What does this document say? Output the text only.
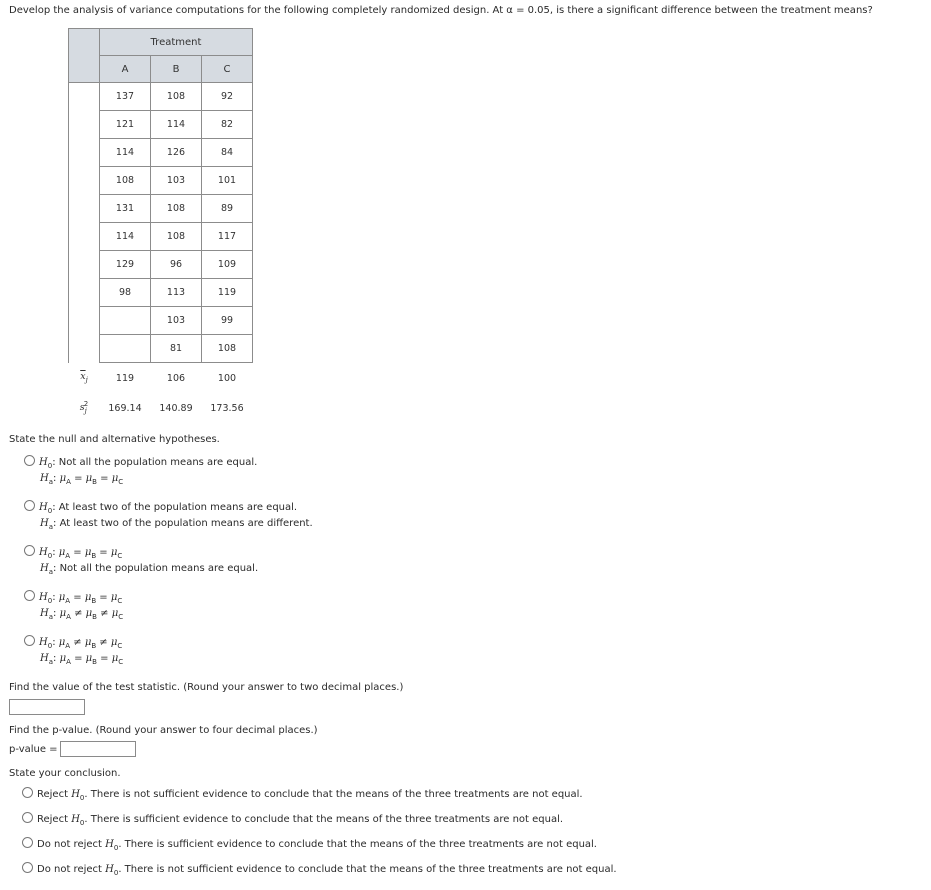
Develop the analysis of variance computations for the following completely randomized design. At α = 0.05, is there a significant difference between the treatment means?
	Treatment		
	A	B	C
	137	108	92
	121	114	82
	114	126	84
	108	103	101
	131	108	89
	114	108	117
	129	96	109
	98	113	119
		103	99
		81	108
$\overline{x}_j$	119	106	100
$s_j^2$	169.14	140.89	173.56
State the null and alternative hypotheses.
$H_0$: Not all the population means are equal.
$H_a$: $\mu_A = \mu_B = \mu_C$
$H_0$: At least two of the population means are equal.
$H_a$: At least two of the population means are different.
$H_0$: $\mu_A = \mu_B = \mu_C$
$H_a$: Not all the population means are equal.
$H_0$: $\mu_A = \mu_B = \mu_C$
$H_a$: $\mu_A \ne \mu_B \ne \mu_C$
$H_0$: $\mu_A \ne \mu_B \ne \mu_C$
$H_a$: $\mu_A = \mu_B = \mu_C$
Find the value of the test statistic. (Round your answer to two decimal places.)
Find the p-value. (Round your answer to four decimal places.)
p-value =
State your conclusion.
Reject $H_0$. There is not sufficient evidence to conclude that the means of the three treatments are not equal.
Reject $H_0$. There is sufficient evidence to conclude that the means of the three treatments are not equal.
Do not reject $H_0$. There is sufficient evidence to conclude that the means of the three treatments are not equal.
Do not reject $H_0$. There is not sufficient evidence to conclude that the means of the three treatments are not equal.
